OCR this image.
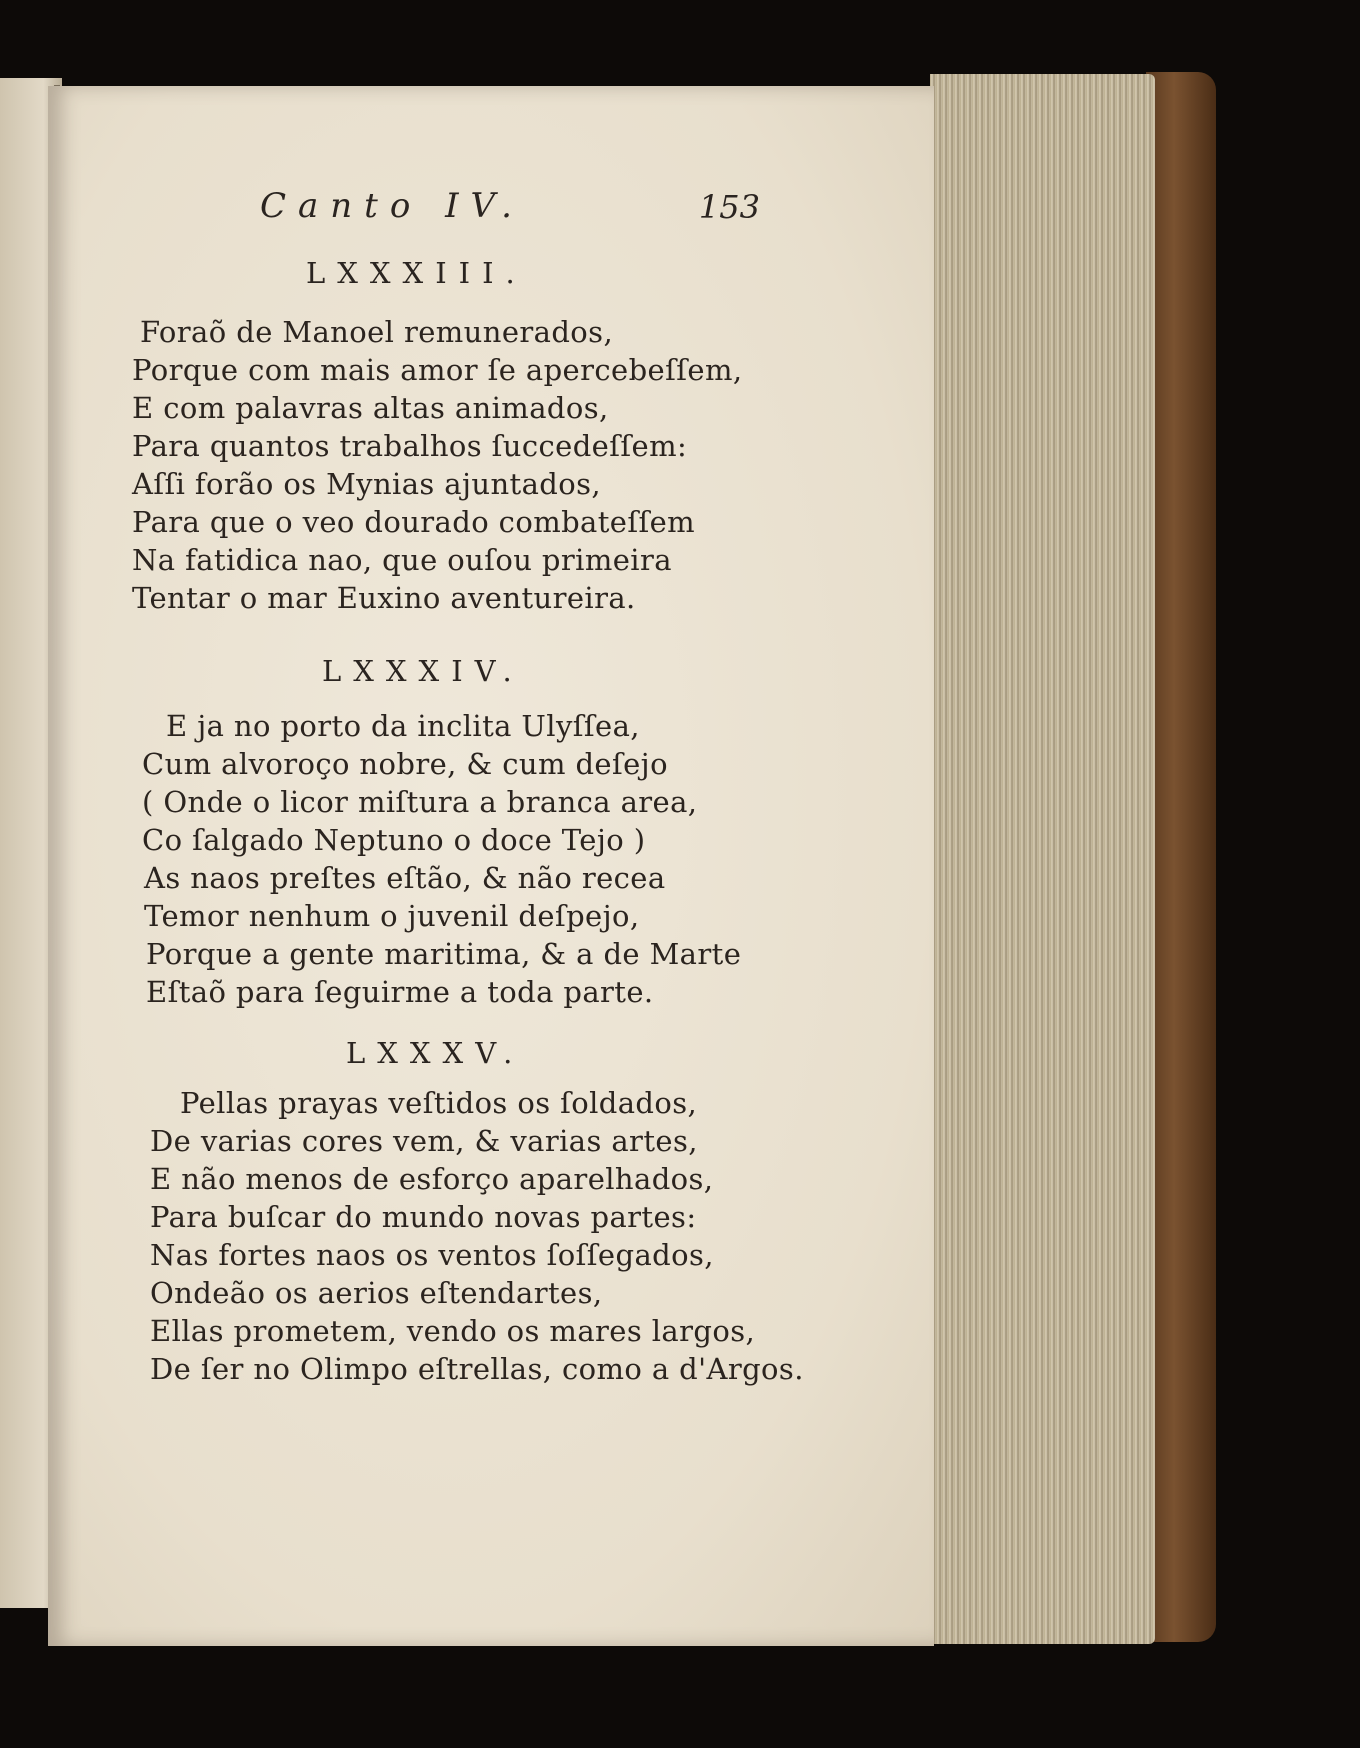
Canto IV.	153
LXXXIII.
Foraõ de Manoel remunerados,
Porque com mais amor ſe apercebeſſem,
E com palavras altas animados,
Para quantos trabalhos ſuccedeſſem:
Aſſi forão os Mynias ajuntados,
Para que o veo dourado combateſſem
Na fatidica nao, que ouſou primeira
Tentar o mar Euxino aventureira.
LXXXIV.
E ja no porto da inclita Ulyſſea,
Cum alvoroço nobre, & cum deſejo
( Onde o licor miſtura a branca area,
Co ſalgado Neptuno o doce Tejo )
As naos preſtes eſtão, & não recea
Temor nenhum o juvenil deſpejo,
Porque a gente maritima, & a de Marte
Eſtaõ para ſeguirme a toda parte.
LXXXV.
Pellas prayas veſtidos os ſoldados,
De varias cores vem, & varias artes,
E não menos de esforço aparelhados,
Para buſcar do mundo novas partes:
Nas fortes naos os ventos ſoſſegados,
Ondeão os aerios eſtendartes,
Ellas prometem, vendo os mares largos,
De ſer no Olimpo eſtrellas, como a d'Argos.
